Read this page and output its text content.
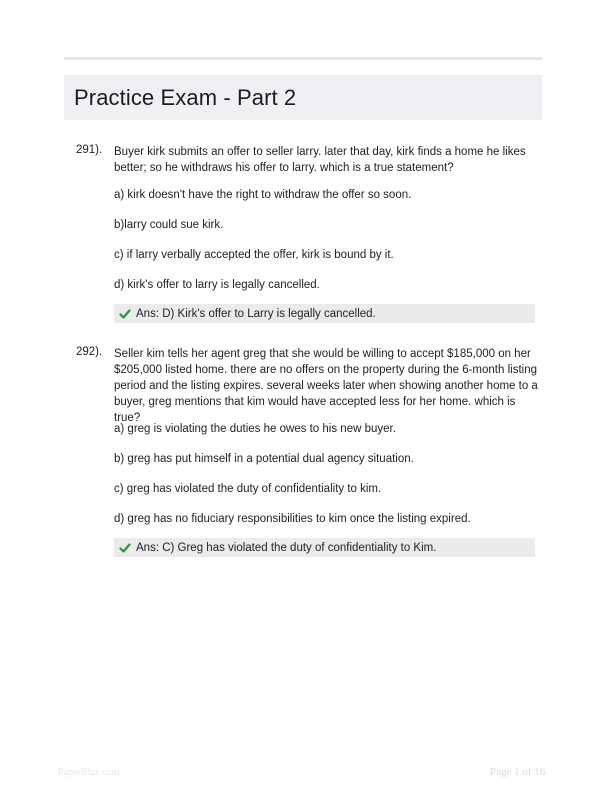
Practice Exam - Part 2
291). Buyer kirk submits an offer to seller larry. later that day, kirk finds a home he likes better; so he withdraws his offer to larry. which is a true statement?
a) kirk doesn't have the right to withdraw the offer so soon.
b)larry could sue kirk.
c) if larry verbally accepted the offer, kirk is bound by it.
d) kirk's offer to larry is legally cancelled.
Ans: D) Kirk's offer to Larry is legally cancelled.
292). Seller kim tells her agent greg that she would be willing to accept $185,000 on her $205,000 listed home. there are no offers on the property during the 6-month listing period and the listing expires. several weeks later when showing another home to a buyer, greg mentions that kim would have accepted less for her home. which is true?
a) greg is violating the duties he owes to his new buyer.
b) greg has put himself in a potential dual agency situation.
c) greg has violated the duty of confidentiality to kim.
d) greg has no fiduciary responsibilities to kim once the listing expired.
Ans: C) Greg has violated the duty of confidentiality to Kim.
PaperBlue.com	Page 1 of 16
